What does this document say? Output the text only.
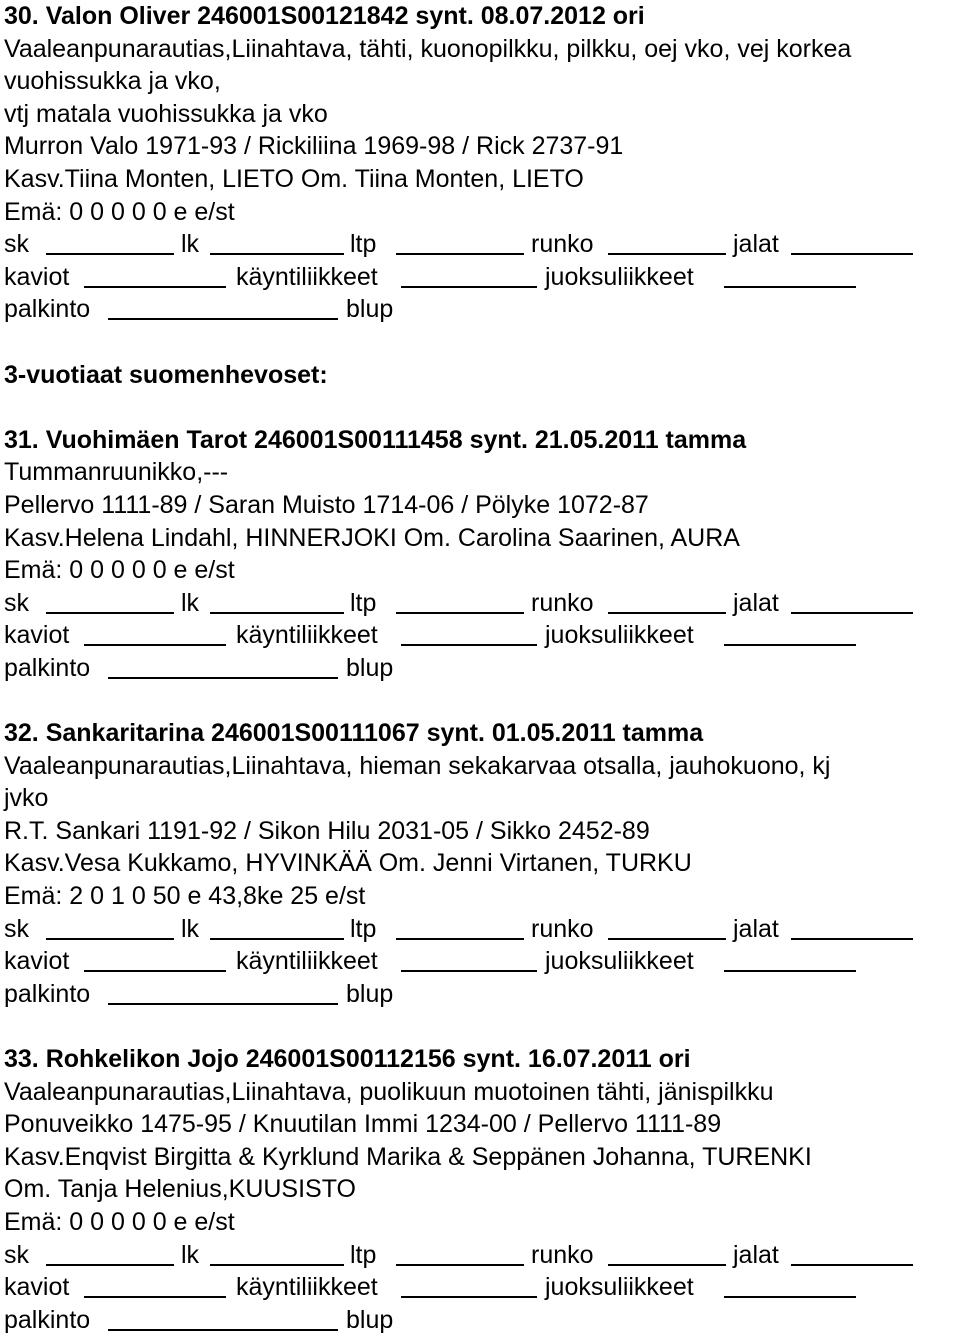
30. Valon Oliver 246001S00121842 synt. 08.07.2012 ori
Vaaleanpunarautias,Liinahtava, tähti, kuonopilkku, pilkku, oej vko, vej korkea
vuohissukka ja vko,
vtj matala vuohissukka ja vko
Murron Valo 1971-93 / Rickiliina 1969-98 / Rick 2737-91
Kasv.Tiina Monten, LIETO Om. Tiina Monten, LIETO
Emä: 0 0 0 0 0 e e/st
sk	lk	ltp	runko	jalat
kaviot	käyntiliikkeet	juoksuliikkeet
palkinto	blup
3-vuotiaat suomenhevoset:
31. Vuohimäen Tarot 246001S00111458 synt. 21.05.2011 tamma
Tummanruunikko,---
Pellervo 1111-89 / Saran Muisto 1714-06 / Pölyke 1072-87
Kasv.Helena Lindahl, HINNERJOKI Om. Carolina Saarinen, AURA
Emä: 0 0 0 0 0 e e/st
sk	lk	ltp	runko	jalat
kaviot	käyntiliikkeet	juoksuliikkeet
palkinto	blup
32. Sankaritarina 246001S00111067 synt. 01.05.2011 tamma
Vaaleanpunarautias,Liinahtava, hieman sekakarvaa otsalla, jauhokuono, kj
jvko
R.T. Sankari 1191-92 / Sikon Hilu 2031-05 / Sikko 2452-89
Kasv.Vesa Kukkamo, HYVINKÄÄ Om. Jenni Virtanen, TURKU
Emä: 2 0 1 0 50 e 43,8ke 25 e/st
sk	lk	ltp	runko	jalat
kaviot	käyntiliikkeet	juoksuliikkeet
palkinto	blup
33. Rohkelikon Jojo 246001S00112156 synt. 16.07.2011 ori
Vaaleanpunarautias,Liinahtava, puolikuun muotoinen tähti, jänispilkku
Ponuveikko 1475-95 / Knuutilan Immi 1234-00 / Pellervo 1111-89
Kasv.Enqvist Birgitta & Kyrklund Marika & Seppänen Johanna, TURENKI
Om. Tanja Helenius,KUUSISTO
Emä: 0 0 0 0 0 e e/st
sk	lk	ltp	runko	jalat
kaviot	käyntiliikkeet	juoksuliikkeet
palkinto	blup
